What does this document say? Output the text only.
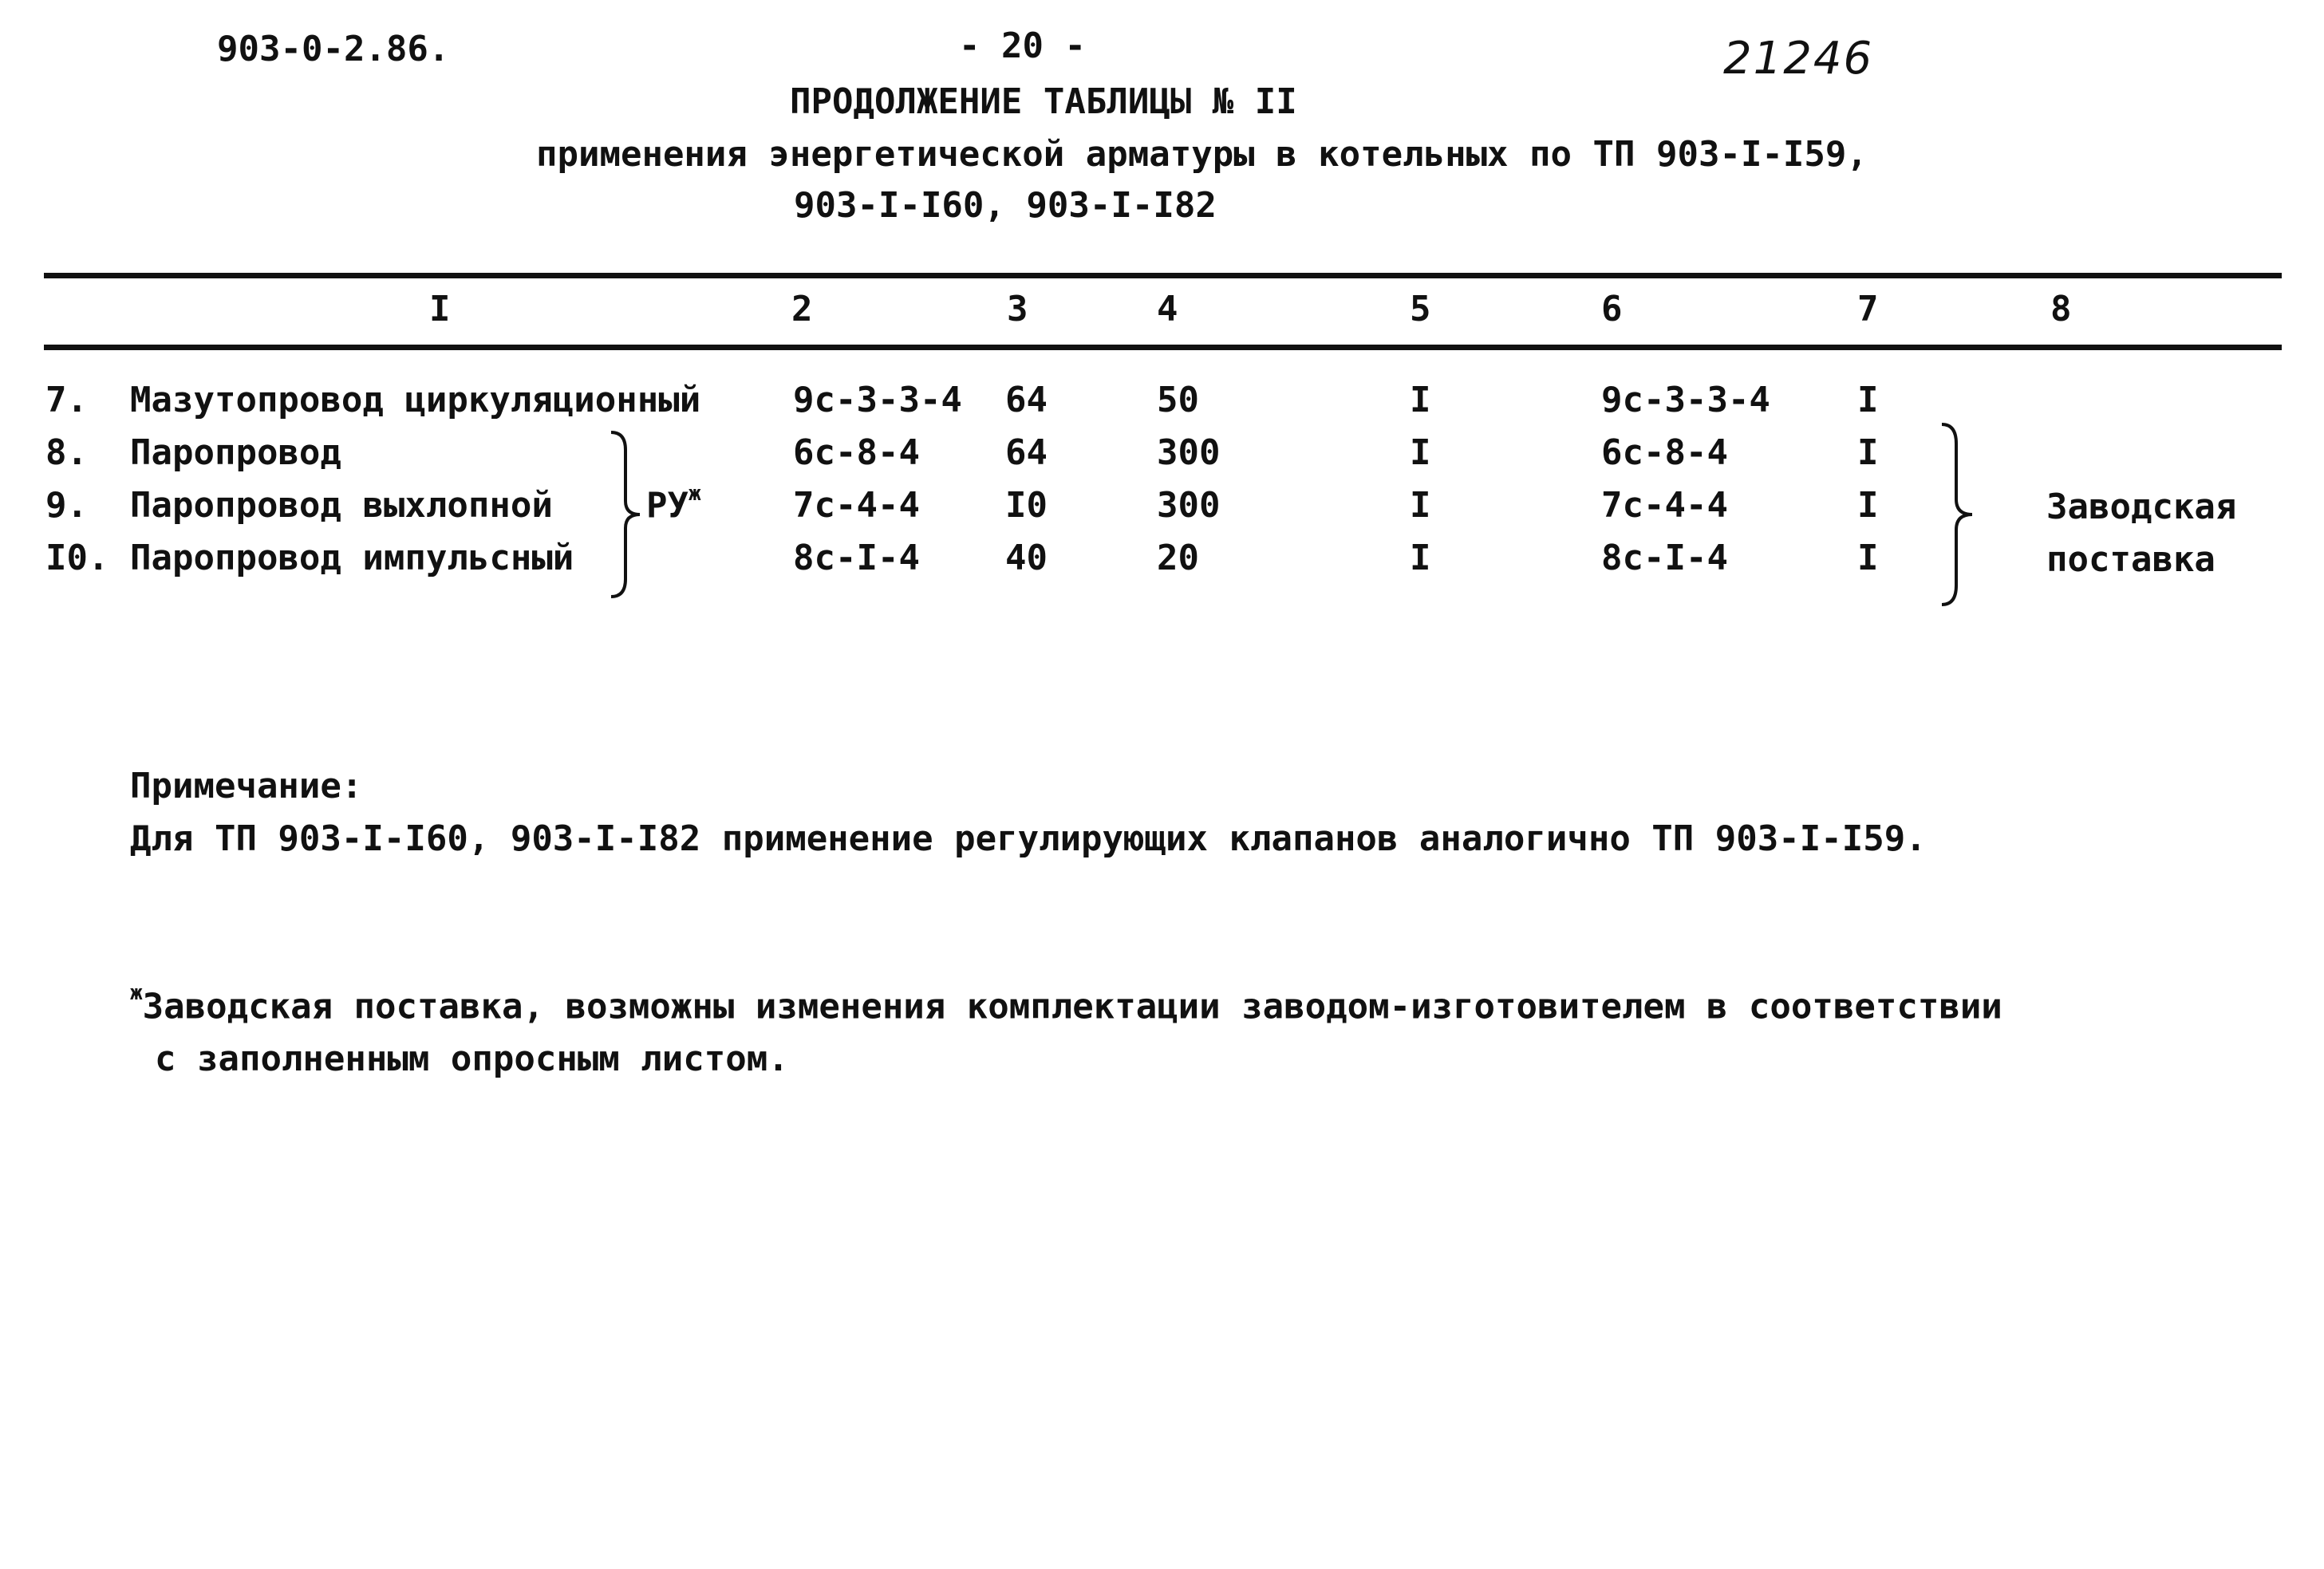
903-0-2.86.	- 20 -	21246
ПРОДОЛЖЕНИЕ ТАБЛИЦЫ № II
применения энергетической арматуры в котельных по ТП 903-I-I59,
903-I-I60, 903-I-I82
I	2	3	4	5	6	7	8
7. Мазутопровод циркуляционный	9с-3-3-4 64	50	I	9с-3-3-4 I
8. Паропровод	6с-8-4 64	300	I	6с-8-4	I
9. Паропровод выхлопной	7с-4-4 I0	300	I	7с-4-4	I
I0. Паропровод импульсный	8с-I-4 40	20	I	8с-I-4	I
$РУ^ж$	Заводская
поставка
Примечание:
Для ТП 903-I-I60, 903-I-I82 применение регулирующих клапанов аналогично ТП 903-I-I59.
$^ж$Заводская поставка, возможны изменения комплектации заводом-изготовителем в соответствии
с заполненным опросным листом.
